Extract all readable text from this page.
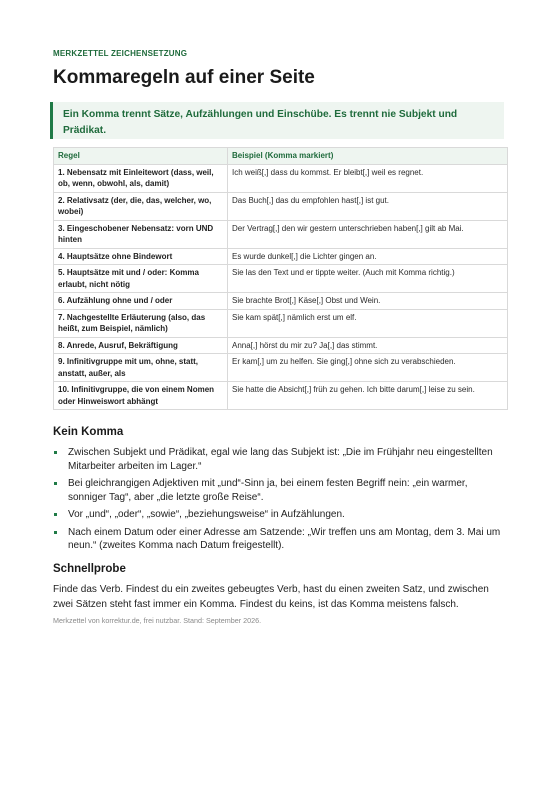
MERKZETTEL ZEICHENSETZUNG
Kommaregeln auf einer Seite
Ein Komma trennt Sätze, Aufzählungen und Einschübe. Es trennt nie Subjekt und Prädikat.
Regel	Beispiel (Komma markiert)
1. Nebensatz mit Einleitewort (dass, weil, ob, wenn, obwohl, als, damit)	Ich weiß[,] dass du kommst. Er bleibt[,] weil es regnet.
2. Relativsatz (der, die, das, welcher, wo, wobei)	Das Buch[,] das du empfohlen hast[,] ist gut.
3. Eingeschobener Nebensatz: vorn UND hinten	Der Vertrag[,] den wir gestern unterschrieben haben[,] gilt ab Mai.
4. Hauptsätze ohne Bindewort	Es wurde dunkel[,] die Lichter gingen an.
5. Hauptsätze mit und / oder: Komma erlaubt, nicht nötig	Sie las den Text und er tippte weiter. (Auch mit Komma richtig.)
6. Aufzählung ohne und / oder	Sie brachte Brot[,] Käse[,] Obst und Wein.
7. Nachgestellte Erläuterung (also, das heißt, zum Beispiel, nämlich)	Sie kam spät[,] nämlich erst um elf.
8. Anrede, Ausruf, Bekräftigung	Anna[,] hörst du mir zu? Ja[,] das stimmt.
9. Infinitivgruppe mit um, ohne, statt, anstatt, außer, als	Er kam[,] um zu helfen. Sie ging[,] ohne sich zu verabschieden.
10. Infinitivgruppe, die von einem Nomen oder Hinweiswort abhängt	Sie hatte die Absicht[,] früh zu gehen. Ich bitte darum[,] leise zu sein.
Kein Komma
Zwischen Subjekt und Prädikat, egal wie lang das Subjekt ist: „Die im Frühjahr neu eingestellten Mitarbeiter arbeiten im Lager.“
Bei gleichrangigen Adjektiven mit „und“-Sinn ja, bei einem festen Begriff nein: „ein warmer, sonniger Tag“, aber „die letzte große Reise“.
Vor „und“, „oder“, „sowie“, „beziehungsweise“ in Aufzählungen.
Nach einem Datum oder einer Adresse am Satzende: „Wir treffen uns am Montag, dem 3. Mai um neun.“ (zweites Komma nach Datum freigestellt).
Schnellprobe

Finde das Verb. Findest du ein zweites gebeugtes Verb, hast du einen zweiten Satz, und zwischen zwei Sätzen steht fast immer ein Komma. Findest du keins, ist das Komma meistens falsch.

Merkzettel von korrektur.de, frei nutzbar. Stand: September 2026.
